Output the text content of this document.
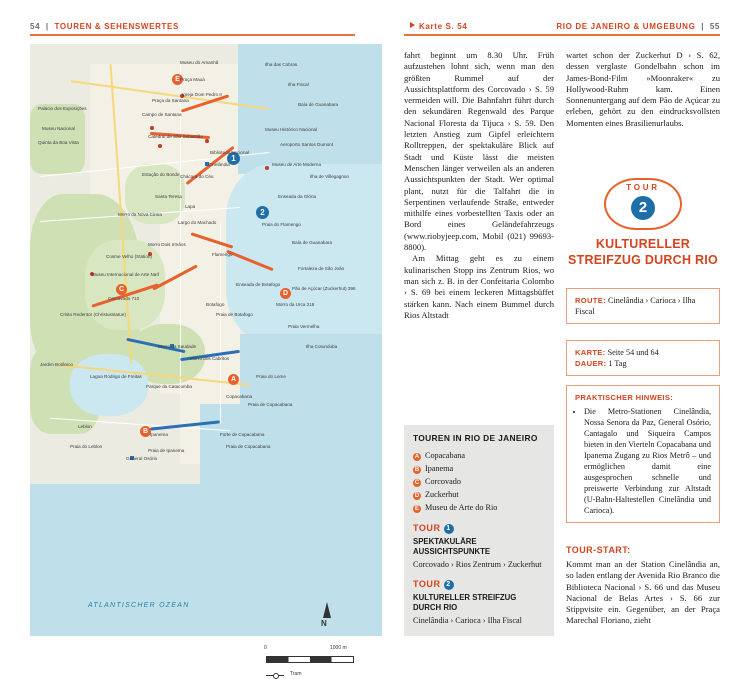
54  |  TOUREN & SEHENSWERTES	Karte S. 54	RIO DE JANEIRO & UMGEBUNG  |  55
A
B
C
D
E
1
2
Museu do Amanhã	Ilha das Cobras
Ilha Fiscal
Baía de Guanabara
Praça Mauá
Palácio dos Exposições
Praça da Santana
Igreja Dom Pedro II
Museu Histórico Nacional
Aeroporto Santos Dumont
Museu Nacional
Quinta da Boa Vista
Campo de Santana
Catedral de São Sebastião
Museu de Arte Moderna
Biblioteca Nacional
Cinelândia
Estação do Bonde Chácara do Céu	Ilha de Villegagnon
Enseada da Glória
Santa Teresa
Lapa
Morro da Nova Cintra
Largo do Machado	Praia do Flamengo
Baía de Guanabara
Cosme Velho (Station)
Morro Dois Irmãos
Flamengo
Fortaleza de São João
Museu Internacional de Arte Naïf
Enseada de Botafogo
Pão de Açúcar (Zuckerhut) 396
Botafogo	Morro da Urca 218
Praia de Botafogo
Cristo Redentor (Christusstatue)
Corcovado 710
Praia Vermelha
Ilha Cotunduba
Jardim Botânico
Lagoa Rodrigo de Freitas
Parque da Catacumba
Morro da Saudade
Morro dos Cabritos
Praia do Leme
Copacabana
Praia de Copacabana
Ipanema
Praia de Ipanema
Forte de Copacabana
Praia de Copacabana
Leblon
Praia do Leblon
General Osório
ATLANTISCHER OZEAN
N
0	1000 m
Tram

fahrt beginnt um 8.30 Uhr. Früh aufzustehen lohnt sich, wenn man den größten Rummel auf der Aussichtsplattform des Corcovado › S. 59 vermeiden will. Die Bahnfahrt führt durch den sekundären Regenwald des Parque Nacional Floresta da Tijuca › S. 59. Den letzten Anstieg zum Gipfel erleichtern Rolltreppen, der spektakuläre Blick auf Stadt und Küste lässt die meisten Menschen länger verweilen als an anderen Aussichtspunkten der Stadt. Wer optimal plant, nutzt für die Talfahrt die in Serpentinen verlaufende Straße, entweder mithilfe eines vorbestellten Taxis oder an Bord eines Geländefahrzeugs (www.riobyjeep.com, Mobil (021) 99693-8800).

Am Mittag geht es zu einem kulinarischen Stopp ins Zentrum Rios, wo man sich z. B. in der Confeitaria Colombo › S. 69 bei einem leckeren Mittagsbüffet stärken kann. Nach einem Bummel durch Rios Altstadt

TOUREN IN RIO DE JANEIRO
A Copacabana
B Ipanema
C Corcovado
D Zuckerhut
E Museu de Arte do Rio
TOUR 1
SPEKTAKULÄRE AUSSICHTSPUNKTE
Corcovado › Rios Zentrum › Zuckerhut
TOUR 2
KULTURELLER STREIFZUG DURCH RIO
Cinelândia › Carioca › Ilha Fiscal

wartet schon der Zuckerhut D › S. 62, dessen verglaste Gondelbahn schon im James-Bond-Film »Moonraker« zu Hollywood-Ruhm kam. Einen Sonnenuntergang auf dem Pão de Açúcar zu erleben, gehört zu den eindrucksvollsten Momenten eines Brasilienurlaubs.

TOUR
2
KULTURELLER STREIFZUG DURCH RIO
ROUTE: Cinelândia › Carioca › Ilha Fiscal
KARTE: Seite 54 und 64
DAUER: 1 Tag
PRAKTISCHER HINWEIS:
• Die Metro-Stationen Cinelândia, Nossa Senora da Paz, General Osório, Cantagalo und Siqueira Campos bieten in den Vierteln Copacabana und Ipanema Zugang zu Rios Metrô – und ermöglichen damit eine ausgesprochen schnelle und preiswerte Verbindung zur Altstadt (U-Bahn-Haltestellen Cinelândia und Carioca).
TOUR-START:
Kommt man an der Station Cinelândia an, so laden entlang der Avenida Rio Branco die Biblioteca Nacional › S. 66 und das Museu Nacional de Belas Artes › S. 66 zur Stippvisite ein. Gegenüber, an der Praça Marechal Floriano, zieht
